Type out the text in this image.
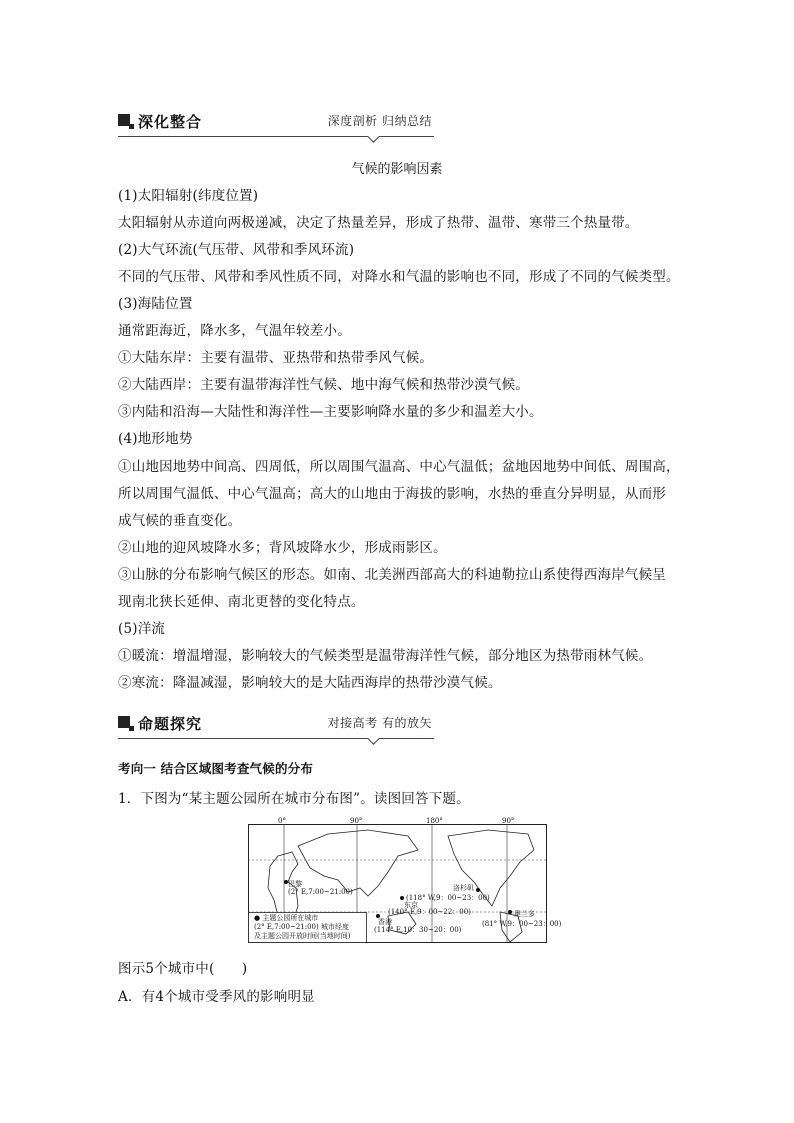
深化整合	深度剖析 归纳总结
气候的影响因素
(1)太阳辐射(纬度位置)
太阳辐射从赤道向两极递减，决定了热量差异，形成了热带、温带、寒带三个热量带。
(2)大气环流(气压带、风带和季风环流)
不同的气压带、风带和季风性质不同，对降水和气温的影响也不同，形成了不同的气候类型。
(3)海陆位置
通常距海近，降水多，气温年较差小。
①大陆东岸：主要有温带、亚热带和热带季风气候。
②大陆西岸：主要有温带海洋性气候、地中海气候和热带沙漠气候。
③内陆和沿海—大陆性和海洋性—主要影响降水量的多少和温差大小。
(4)地形地势
①山地因地势中间高、四周低，所以周围气温高、中心气温低；盆地因地势中间低、周围高，
所以周围气温低、中心气温高；高大的山地由于海拔的影响，水热的垂直分异明显，从而形
成气候的垂直变化。
②山地的迎风坡降水多；背风坡降水少，形成雨影区。
③山脉的分布影响气候区的形态。如南、北美洲西部高大的科迪勒拉山系使得西海岸气候呈
现南北狭长延伸、南北更替的变化特点。
(5)洋流
①暖流：增温增湿，影响较大的气候类型是温带海洋性气候，部分地区为热带雨林气候。
②寒流：降温减湿，影响较大的是大陆西海岸的热带沙漠气候。
命题探究	对接高考 有的放矢
考向一 结合区域图考查气候的分布
1．下图为“某主题公园所在城市分布图”。读图回答下题。
0°	90°	180°	90°
巴黎
(2° E,7:00~21:00)	洛杉矶
(118° W,9：00~23：00)
东京
(140° E,9：00~22：00)
香港
(114° E,10：30~20：00)
奥兰多
(81° W,9：00~23：00)
● 主题公园所在城市
(2° E,7:00~21:00) 城市经度
及主题公园开放时间(当地时间)
图示5个城市中(　　)
A．有4个城市受季风的影响明显
